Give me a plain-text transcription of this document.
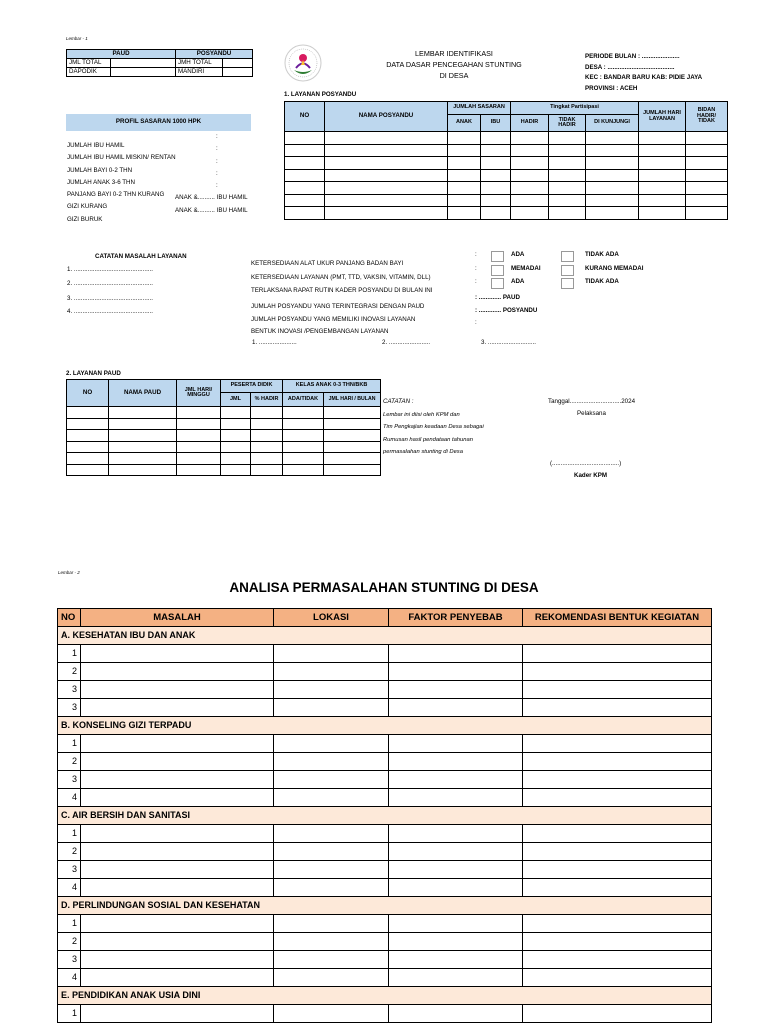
Lembar - 1
PAUD		POSYANDU	
JML TOTAL		JMH TOTAL	
DAPODIK		MANDIRI	
LEMBAR IDENTIFIKASI
DATA DASAR PENCEGAHAN STUNTING
DI DESA
PERIODE BULAN : ......................
DESA : .......................................
KEC : BANDAR BARU KAB: PIDIE JAYA
PROVINSI : ACEH
PROFIL SASARAN 1000 HPK
JUMLAH IBU HAMIL
:
JUMLAH IBU HAMIL MISKIN/ RENTAN
:
JUMLAH BAYI 0-2 THN
:
JUMLAH ANAK 3-6 THN
:
PANJANG BAYI 0-2 THN KURANG
:
GIZI KURANG
ANAK &.......... IBU HAMIL
GIZI BURUK
ANAK &.......... IBU HAMIL
1. LAYANAN POSYANDU
NO	NAMA POSYANDU	JUMLAH SASARAN		Tingkat Partisipasi			JUMLAH HARI LAYANAN	BIDAN HADIR/ TIDAK
		ANAK	IBU	HADIR	TIDAK HADIR	DI KUNJUNGI		

CATATAN MASALAH LAYANAN
1. ..............................................
2. ..............................................
3. ..............................................
4. ..............................................
KETERSEDIAAN ALAT UKUR PANJANG BADAN BAYI
:	ADA	TIDAK ADA
KETERSEDIAAN LAYANAN (PMT, TTD, VAKSIN, VITAMIN, DLL)
:	MEMADAI	KURANG MEMADAI
TERLAKSANA RAPAT RUTIN KADER POSYANDU DI BULAN INI
:	ADA	TIDAK ADA
JUMLAH POSYANDU YANG TERINTEGRASI DENGAN PAUD
: ............. PAUD
JUMLAH POSYANDU YANG MEMILIKI INOVASI LAYANAN
: ............. POSYANDU
BENTUK INOVASI /PENGEMBANGAN LAYANAN
:
1. ......................	2. ........................	3. ............................
2. LAYANAN PAUD
NO	NAMA PAUD	JML HARI/ MINGGU	PESERTA DIDIK		KELAS ANAK 0-3 THN/BKB	
			JML	% HADIR	ADA/TIDAK	JML HARI / BULAN

						CATATAN :
Lembar ini diisi oleh KPM dan
Tim Pengkajian keadaan Desa sebagai
Rumusan hasil pendataan tahunan
permasalahan stunting di Desa
Tanggal..............................2024
Pelaksana
(.......................................)
Kader KPM
Lembar - 2
ANALISA PERMASALAHAN STUNTING DI DESA
NO	MASALAH	LOKASI	FAKTOR PENYEBAB	REKOMENDASI BENTUK KEGIATAN
A. KESEHATAN IBU DAN ANAK				
1				
2				
3				
3				
B. KONSELING GIZI TERPADU				
1				
2				
3				
4				
C. AIR BERSIH DAN SANITASI				
1				
2				
3				
4				
D. PERLINDUNGAN SOSIAL DAN KESEHATAN				
1				
2				
3				
4				
E. PENDIDIKAN ANAK USIA DINI				
1				
